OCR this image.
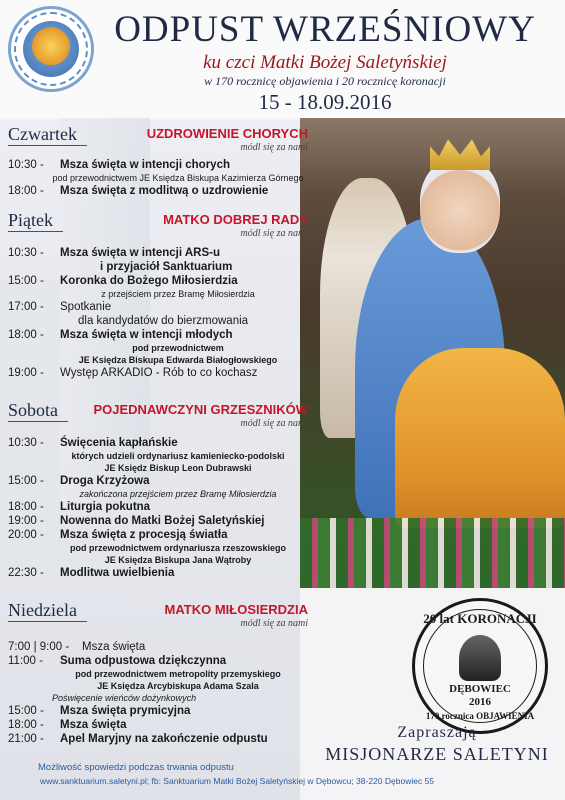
ODPUST WRZEŚNIOWY
ku czci Matki Bożej Saletyńskiej
w 170 rocznicę objawienia i 20 rocznicę koronacji
15 - 18.09.2016
Czwartek	UZDROWIENIE CHORYCH
módl się za nami
10:30 - Msza święta w intencji chorych
pod przewodnictwem JE Księdza Biskupa Kazimierza Górnego
18:00 - Msza święta z modlitwą o uzdrowienie
Piątek	MATKO DOBREJ RADY
módl się za nami
10:30 - Msza święta w intencji ARS-u
i przyjaciół Sanktuarium
15:00 - Koronka do Bożego Miłosierdzia
z przejściem przez Bramę Miłosierdzia
17:00 - Spotkanie
dla kandydatów do bierzmowania
18:00 - Msza święta w intencji młodych
pod przewodnictwem
JE Księdza Biskupa Edwarda Białogłowskiego
19:00 - Występ ARKADIO - Rób to co kochasz
Sobota	POJEDNAWCZYNI GRZESZNIKÓW
módl się za nami
10:30 - Święcenia kapłańskie
których udzieli ordynariusz kamieniecko-podolski
JE Księdz Biskup Leon Dubrawski
15:00 - Droga Krzyżowa
zakończona przejściem przez Bramę Miłosierdzia
18:00 - Liturgia pokutna
19:00 - Nowenna do Matki Bożej Saletyńskiej
20:00 - Msza święta z procesją światła
pod przewodnictwem ordynariusza rzeszowskiego
JE Księdza Biskupa Jana Wątroby
22:30 - Modlitwa uwielbienia
Niedziela	MATKO MIŁOSIERDZIA
módl się za nami
7:00 | 9:00 - Msza święta
11:00 - Suma odpustowa dziękczynna
pod przewodnictwem metropolity przemyskiego
JE Księdza Arcybiskupa Adama Szala
Poświęcenie wieńców dożynkowych
15:00 - Msza święta prymicyjna
18:00 - Msza święta
21:00 - Apel Maryjny na zakończenie odpustu
Możliwość spowiedzi podczas trwania odpustu
www.sanktuarium.saletyni.pl; fb: Sanktuarium Matki Bożej Saletyńskiej w Dębowcu; 38-220 Dębowiec 55
20 lat KORONACJI
DĘBOWIEC
2016
170 rocznica OBJAWIENIA
Zapraszają
MISJONARZE SALETYNI
